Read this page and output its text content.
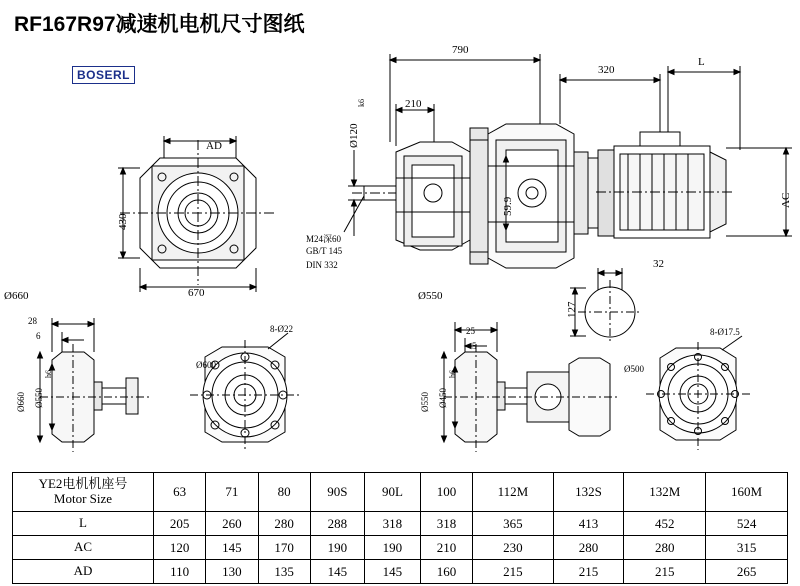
RF167R97减速机电机尺寸图纸
BOSERL
AD
430
670
790
320
L
AC
Ø120
k6	210
59.9
M24深60
GB/T 145
DIN 332	32
127
Ø660	Ø550
28
6
Ø660 Ø550
h6
Ø600
8-Ø22	25
5
Ø550 Ø450
h6	Ø500
8-Ø17.5
YE2电机机座号
Motor Size	63	71	80	90S	90L	100	112M	132S	132M	160M
L	205	260	280	288	318	318	365	413	452	524
AC	120	145	170	190	190	210	230	280	280	315
AD	110	130	135	145	145	160	215	215	215	265
